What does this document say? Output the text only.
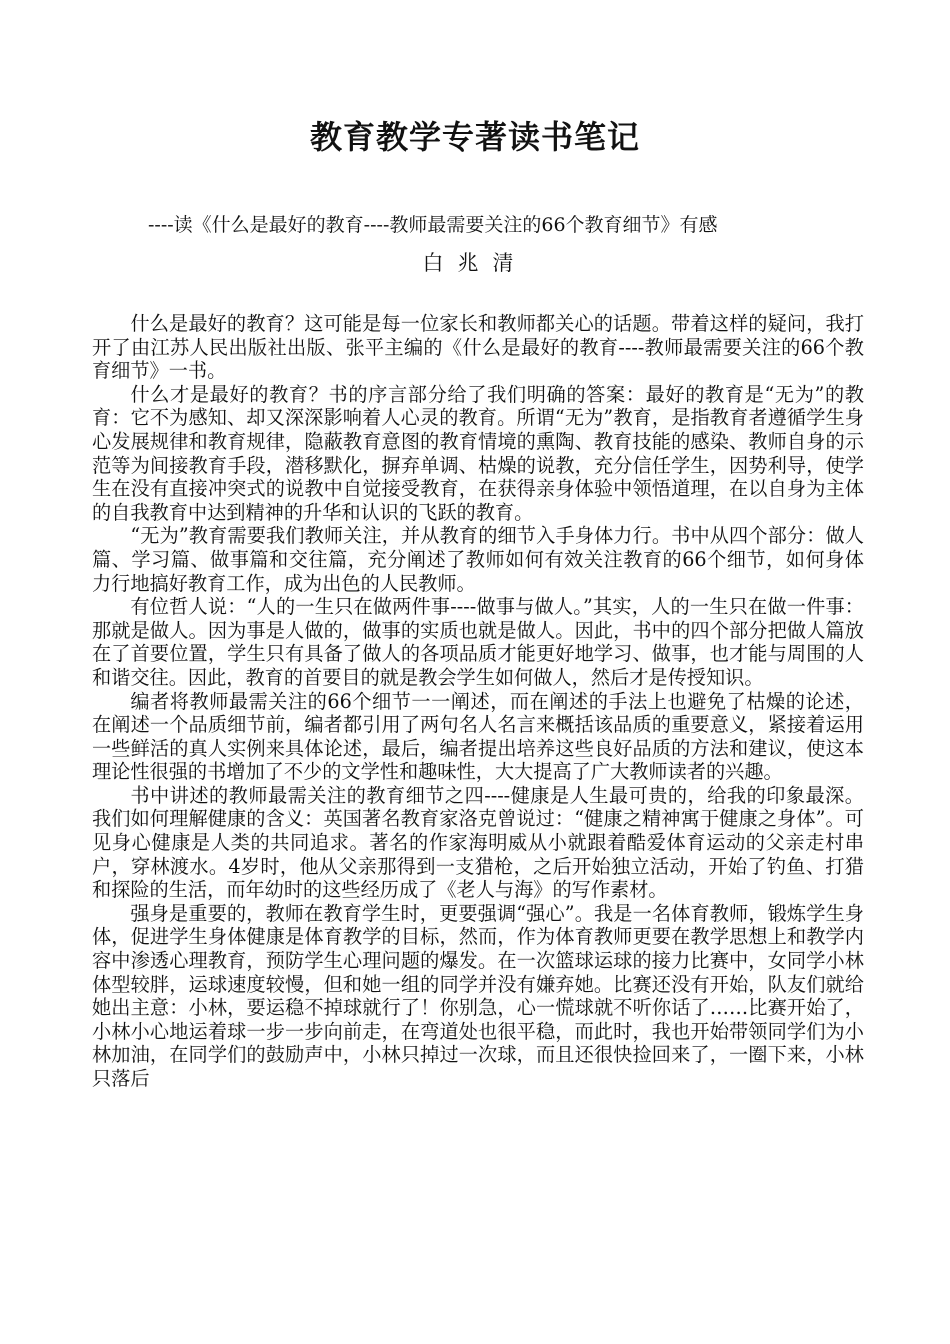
教育教学专著读书笔记
----读《什么是最好的教育----教师最需要关注的66个教育细节》有感
白兆清

什么是最好的教育？这可能是每一位家长和教师都关心的话题。带着这样的疑问，我打开了由江苏人民出版社出版、张平主编的《什么是最好的教育----教师最需要关注的66个教育细节》一书。

什么才是最好的教育？书的序言部分给了我们明确的答案：最好的教育是“无为”的教育：它不为感知、却又深深影响着人心灵的教育。所谓“无为”教育，是指教育者遵循学生身心发展规律和教育规律，隐蔽教育意图的教育情境的熏陶、教育技能的感染、教师自身的示范等为间接教育手段，潜移默化，摒弃单调、枯燥的说教，充分信任学生，因势利导，使学生在没有直接冲突式的说教中自觉接受教育，在获得亲身体验中领悟道理，在以自身为主体的自我教育中达到精神的升华和认识的飞跃的教育。

“无为”教育需要我们教师关注，并从教育的细节入手身体力行。书中从四个部分：做人篇、学习篇、做事篇和交往篇，充分阐述了教师如何有效关注教育的66个细节，如何身体力行地搞好教育工作，成为出色的人民教师。

有位哲人说：“人的一生只在做两件事----做事与做人。”其实，人的一生只在做一件事：那就是做人。因为事是人做的，做事的实质也就是做人。因此，书中的四个部分把做人篇放在了首要位置，学生只有具备了做人的各项品质才能更好地学习、做事，也才能与周围的人和谐交往。因此，教育的首要目的就是教会学生如何做人，然后才是传授知识。

编者将教师最需关注的66个细节一一阐述，而在阐述的手法上也避免了枯燥的论述，在阐述一个品质细节前，编者都引用了两句名人名言来概括该品质的重要意义，紧接着运用一些鲜活的真人实例来具体论述，最后，编者提出培养这些良好品质的方法和建议，使这本理论性很强的书增加了不少的文学性和趣味性，大大提高了广大教师读者的兴趣。

书中讲述的教师最需关注的教育细节之四----健康是人生最可贵的，给我的印象最深。我们如何理解健康的含义：英国著名教育家洛克曾说过：“健康之精神寓于健康之身体”。可见身心健康是人类的共同追求。著名的作家海明威从小就跟着酷爱体育运动的父亲走村串户，穿林渡水。4岁时，他从父亲那得到一支猎枪，之后开始独立活动，开始了钓鱼、打猎和探险的生活，而年幼时的这些经历成了《老人与海》的写作素材。

强身是重要的，教师在教育学生时，更要强调“强心”。我是一名体育教师，锻炼学生身体，促进学生身体健康是体育教学的目标，然而，作为体育教师更要在教学思想上和教学内容中渗透心理教育，预防学生心理问题的爆发。在一次篮球运球的接力比赛中，女同学小林体型较胖，运球速度较慢，但和她一组的同学并没有嫌弃她。比赛还没有开始，队友们就给她出主意：小林，要运稳不掉球就行了！你别急，心一慌球就不听你话了……比赛开始了，小林小心地运着球一步一步向前走，在弯道处也很平稳，而此时，我也开始带领同学们为小林加油，在同学们的鼓励声中，小林只掉过一次球，而且还很快捡回来了，一圈下来，小林只落后
